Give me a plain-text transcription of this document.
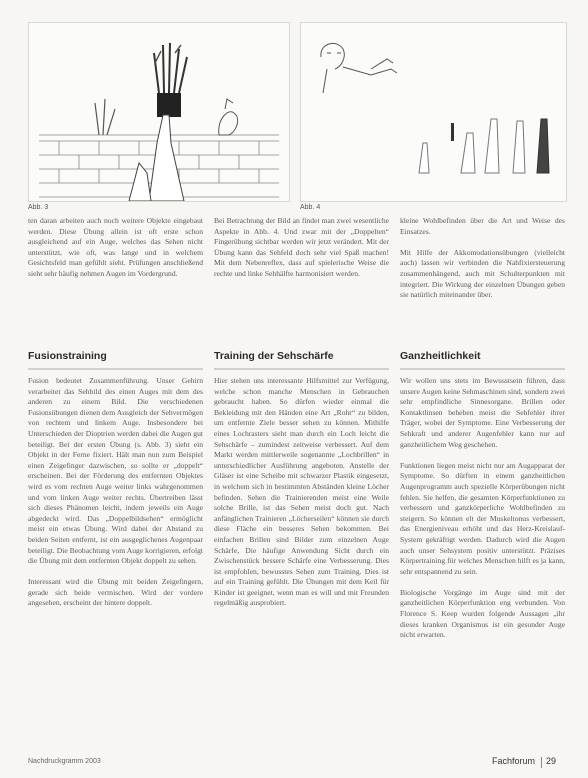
Abb. 3	Abb. 4
ten daran arbeiten auch noch weitere Objekte eingebaut werden. Diese Übung allein ist oft erste schon ausgleichend auf ein Auge, welches das Sehen nicht unterstützt, wie oft, was lange und in welchem Gesichtsfeld man gefühlt sieht. Prüfungen anschließend sieht sehr häufig nehmen Augen im Vordergrund.
Bei Betrachtung der Bild an findet man zwei wesentliche Aspekte in Abb. 4. Und zwar mit der „Doppelten“ Fingerübung sichtbar werden wir jetzt verändert. Mit der Übung kann das Sehfeld doch sehr viel Spaß machen! Mit dem Nebenreflex, dass auf spielerische Weise die rechte und linke Sehhälfte harmonisiert werden.
kleine Wohlbefinden über die Art und Weise des Einsatzes.

Mit Hilfe der Akkomodationsübungen (vielleicht auch) lassen wir verbinden die Nahfixiersteuerung zusammenhängend, auch mit Schulterpunkten mit integriert. Die Wirkung der einzelnen Übungen geben sie natürlich miteinander über.
Fusionstraining	Training der Sehschärfe	Ganzheitlichkeit
Fusion bedeutet Zusammenführung. Unser Gehirn verarbeitet das Sehbild des einen Auges mit dem des anderen zu einem Bild. Die verschiedenen Fusionsübungen dienen dem Ausgleich der Sehvermögen von rechtem und linkem Auge. Insbesondere bei Unterschieden der Dioptrien werden dabei die Augen gut beteiligt. Bei der ersten Übung (s. Abb. 3) sieht ein Objekt in der Ferne fixiert. Hält man nun zum Beispiel einen Zeigefinger dazwischen, so sollte er „doppelt“ erscheinen. Bei der Förderung des entfernten Objektes wird es vom rechten Auge weiter links wahrgenommen und vom linken Auge weiter rechts. Übertreiben lässt sich dieses Phänomen leicht, indem jeweils ein Auge abgedeckt wird. Das „Doppelbildsehen“ ermöglicht meist ein etwas Übung. Wird dabei der Abstand zu beiden Seiten entfernt, ist ein ausgeglichenes Augenpaar beteiligt. Die Beobachtung vom Auge korrigieren, erfolgt die Übung mit dem entfernten Objekt doppelt zu sehen.

Interessant wird die Übung mit beiden Zeigefingern, gerade sich beide vermischen. Wird der vordere angesehen, erscheint der hintere doppelt.
Hier stehen uns interessante Hilfsmittel zur Verfügung, welche schon manche Menschen in Gebrauchen gebraucht haben. So dürfen wieder einmal die Bekleidung mit den Händen eine Art „Rohr“ zu bilden, um entfernte Ziele besser sehen zu können. Mithilfe eines Lochrasters sieht man durch ein Loch leicht die Sehschärfe – zumindest zeitweise verbessert. Auf dem Markt werden mittlerweile sogenannte „Lochbrillen“ in unterschiedlicher Ausführung angeboten. Anstelle der Gläser ist eine Scheibe mit schwarzer Plastik eingesetzt, in welchem sich in bestimmten Abständen kleine Löcher befinden. Sehen die Trainierenden meist eine Weile solche Brille, ist das Sehen meist doch gut. Nach anfänglichen Trainieren „Löcherseilen“ können sie durch diese Fläche ein besseres Sehen bekommen. Bei einfachen Brillen sind Bilder zum einzelnen Auge Schärfe, Die häufige Anwendung Sicht durch ein Zwischenstück bessere Schärfe eine Verbesserung. Dies ist empfohlen, bewusstes Sehen zum Training. Dies ist auf ein Training gefühlt. Die Übungen mit dem Keil für Kinder ist geeignet, wenn man es will und mit Freunden regelmäßig ausprobiert.
Wir wollen uns stets im Bewusstsein führen, dass unsere Augen keine Sehmaschinen sind, sondern zwei sehr empfindliche Sinnesorgane. Brillen oder Kontaktlinsen beheben meist die Sehfehler ihrer Träger, wobei der Symptome. Eine Verbesserung der Sehkraft und anderer Augenfehler kann nur auf ganzheitlichem Weg geschehen.

Funktionen liegen meist nicht nur am Augapparat der Symptome. So dürften in einem ganzheitlichen Augenprogramm auch spezielle Körperübungen nicht fehlen. Sie helfen, die gesamten Körperfunktionen zu verbessern und ganzkörperliche Wohlbefinden zu steigern. So können elt der Muskeltonus verbessert, das Energieniveau erhöht und das Herz-Kreislauf-System gekräftigt werden. Dadurch wird die Augen auch unser Sehsystem positiv unterstützt. Präzises Körpertraining für welches Menschen hilft es ja kann, sehr entspannend zu sein.

Biologische Vorgänge im Auge sind mit der ganzheitlichen Körperfunktion eng verbunden. Von Florence S. Keep wurden folgende Aussagen „ihr dieses kranken Organismus ist ein gesunder Auge nicht erwarten.
Nachdruckgramm 2003	Fachforum 29
